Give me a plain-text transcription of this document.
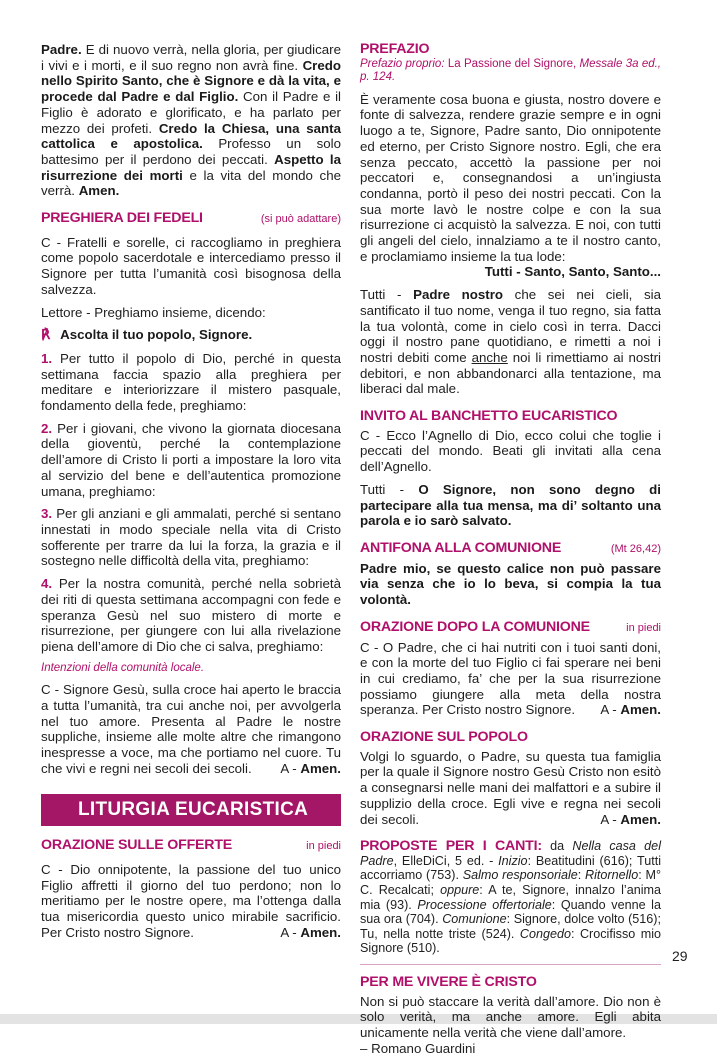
Padre. E di nuovo verrà, nella gloria, per giudicare i vivi e i morti, e il suo regno non avrà fine. Credo nello Spirito Santo, che è Signore e dà la vita, e procede dal Padre e dal Figlio. Con il Padre e il Figlio è adorato e glorificato, e ha parlato per mezzo dei profeti. Credo la Chiesa, una santa cattolica e apostolica. Professo un solo battesimo per il perdono dei peccati. Aspetto la risurrezione dei morti e la vita del mondo che verrà. Amen.

PREGHIERA DEI FEDELI	(si può adattare)

C - Fratelli e sorelle, ci raccogliamo in preghiera come popolo sacerdotale e intercediamo presso il Signore per tutta l’umanità così bisognosa della salvezza.

Lettore - Preghiamo insieme, dicendo:

℟ Ascolta il tuo popolo, Signore.

1. Per tutto il popolo di Dio, perché in questa settimana faccia spazio alla preghiera per meditare e interiorizzare il mistero pasquale, fondamento della fede, preghiamo:

2. Per i giovani, che vivono la giornata diocesana della gioventù, perché la contemplazione dell’amore di Cristo li porti a impostare la loro vita al servizio del bene e dell’autentica promozione umana, preghiamo:

3. Per gli anziani e gli ammalati, perché si sentano innestati in modo speciale nella vita di Cristo sofferente per trarre da lui la forza, la grazia e il sostegno nelle difficoltà della vita, preghiamo:

4. Per la nostra comunità, perché nella sobrietà dei riti di questa settimana accompagni con fede e speranza Gesù nel suo mistero di morte e risurrezione, per giungere con lui alla rivelazione piena dell’amore di Dio che ci salva, preghiamo:

Intenzioni della comunità locale.

C - Signore Gesù, sulla croce hai aperto le braccia a tutta l’umanità, tra cui anche noi, per avvolgerla nel tuo amore. Presenta al Padre le nostre suppliche, insieme alle molte altre che rimangono inespresse a voce, ma che portiamo nel cuore. Tu che vivi e regni nei secoli dei secoli. A - Amen.

LITURGIA EUCARISTICA
ORAZIONE SULLE OFFERTE	in piedi

C - Dio onnipotente, la passione del tuo unico Figlio affretti il giorno del tuo perdono; non lo meritiamo per le nostre opere, ma l’ottenga dalla tua misericordia questo unico mirabile sacrificio. Per Cristo nostro Signore.	A - Amen.

PREFAZIO

Prefazio proprio: La Passione del Signore, Messale 3a ed., p. 124.

È veramente cosa buona e giusta, nostro dovere e fonte di salvezza, rendere grazie sempre e in ogni luogo a te, Signore, Padre santo, Dio onnipotente ed eterno, per Cristo Signore nostro. Egli, che era senza peccato, accettò la passione per noi peccatori e, consegnandosi a un’ingiusta condanna, portò il peso dei nostri peccati. Con la sua morte lavò le nostre colpe e con la sua risurrezione ci acquistò la salvezza. E noi, con tutti gli angeli del cielo, innalziamo a te il nostro canto, e proclamiamo insieme la tua lode:
Tutti - Santo, Santo, Santo...

Tutti - Padre nostro che sei nei cieli, sia santificato il tuo nome, venga il tuo regno, sia fatta la tua volontà, come in cielo così in terra. Dacci oggi il nostro pane quotidiano, e rimetti a noi i nostri debiti come anche noi li rimettiamo ai nostri debitori, e non abbandonarci alla tentazione, ma liberaci dal male.

INVITO AL BANCHETTO EUCARISTICO

C - Ecco l’Agnello di Dio, ecco colui che toglie i peccati del mondo. Beati gli invitati alla cena dell’Agnello.

Tutti - O Signore, non sono degno di partecipare alla tua mensa, ma di’ soltanto una parola e io sarò salvato.

ANTIFONA ALLA COMUNIONE	(Mt 26,42)

Padre mio, se questo calice non può passare via senza che io lo beva, si compia la tua volontà.

ORAZIONE DOPO LA COMUNIONE	in piedi

C - O Padre, che ci hai nutriti con i tuoi santi doni, e con la morte del tuo Figlio ci fai sperare nei beni in cui crediamo, fa’ che per la sua risurrezione possiamo giungere alla meta della nostra speranza. Per Cristo nostro Signore. A - Amen.

ORAZIONE SUL POPOLO

Volgi lo sguardo, o Padre, su questa tua famiglia per la quale il Signore nostro Gesù Cristo non esitò a consegnarsi nelle mani dei malfattori e a subire il supplizio della croce. Egli vive e regna nei secoli dei secoli.	A - Amen.

PROPOSTE PER I CANTI: da Nella casa del Padre, ElleDiCi, 5 ed. - Inizio: Beatitudini (616); Tutti accorriamo (753). Salmo responsoriale: Ritornello: M° C. Recalcati; oppure: A te, Signore, innalzo l’anima mia (93). Processione offertoriale: Quando venne la sua ora (704). Comunione: Signore, dolce volto (516); Tu, nella notte triste (524). Congedo: Crocifisso mio Signore (510).

PER ME VIVERE È CRISTO

Non si può staccare la verità dall’amore. Dio non è solo verità, ma anche amore. Egli abita unicamente nella verità che viene dall’amore.

– Romano Guardini

29
